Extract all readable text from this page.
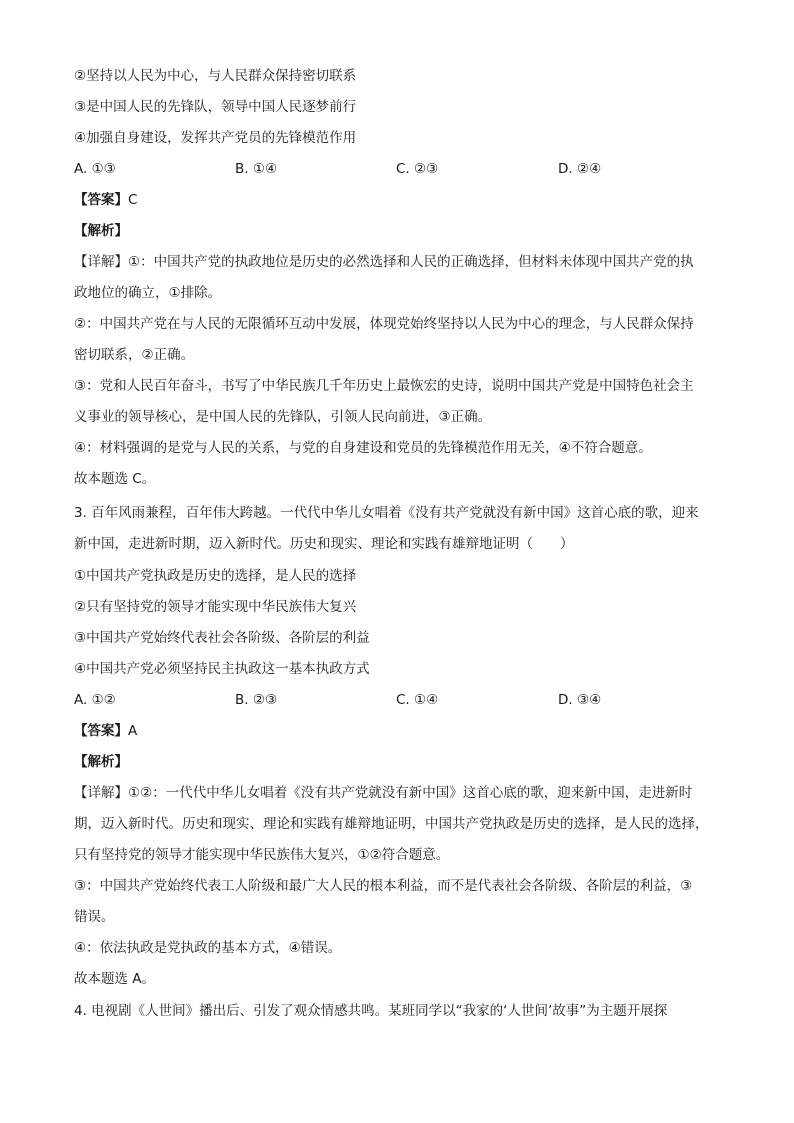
②坚持以人民为中心，与人民群众保持密切联系
③是中国人民的先锋队，领导中国人民逐梦前行
④加强自身建设，发挥共产党员的先锋模范作用
A. ①③	B. ①④	C. ②③	D. ②④
【答案】C
【解析】
【详解】①：中国共产党的执政地位是历史的必然选择和人民的正确选择，但材料未体现中国共产党的执
政地位的确立，①排除。
②：中国共产党在与人民的无限循环互动中发展，体现党始终坚持以人民为中心的理念，与人民群众保持
密切联系，②正确。
③：党和人民百年奋斗，书写了中华民族几千年历史上最恢宏的史诗，说明中国共产党是中国特色社会主
义事业的领导核心，是中国人民的先锋队，引领人民向前进，③正确。
④：材料强调的是党与人民的关系，与党的自身建设和党员的先锋模范作用无关，④不符合题意。
故本题选 C。
3. 百年风雨兼程，百年伟大跨越。一代代中华儿女唱着《没有共产党就没有新中国》这首心底的歌，迎来
新中国，走进新时期，迈入新时代。历史和现实、理论和实践有雄辩地证明（　　）
①中国共产党执政是历史的选择，是人民的选择
②只有坚持党的领导才能实现中华民族伟大复兴
③中国共产党始终代表社会各阶级、各阶层的利益
④中国共产党必须坚持民主执政这一基本执政方式
A. ①②	B. ②③	C. ①④	D. ③④
【答案】A
【解析】
【详解】①②：一代代中华儿女唱着《没有共产党就没有新中国》这首心底的歌，迎来新中国，走进新时
期，迈入新时代。历史和现实、理论和实践有雄辩地证明，中国共产党执政是历史的选择，是人民的选择，
只有坚持党的领导才能实现中华民族伟大复兴，①②符合题意。
③：中国共产党始终代表工人阶级和最广大人民的根本利益，而不是代表社会各阶级、各阶层的利益，③
错误。
④：依法执政是党执政的基本方式，④错误。
故本题选 A。
4. 电视剧《人世间》播出后、引发了观众情感共鸣。某班同学以“我家的‘人世间’故事”为主题开展探
